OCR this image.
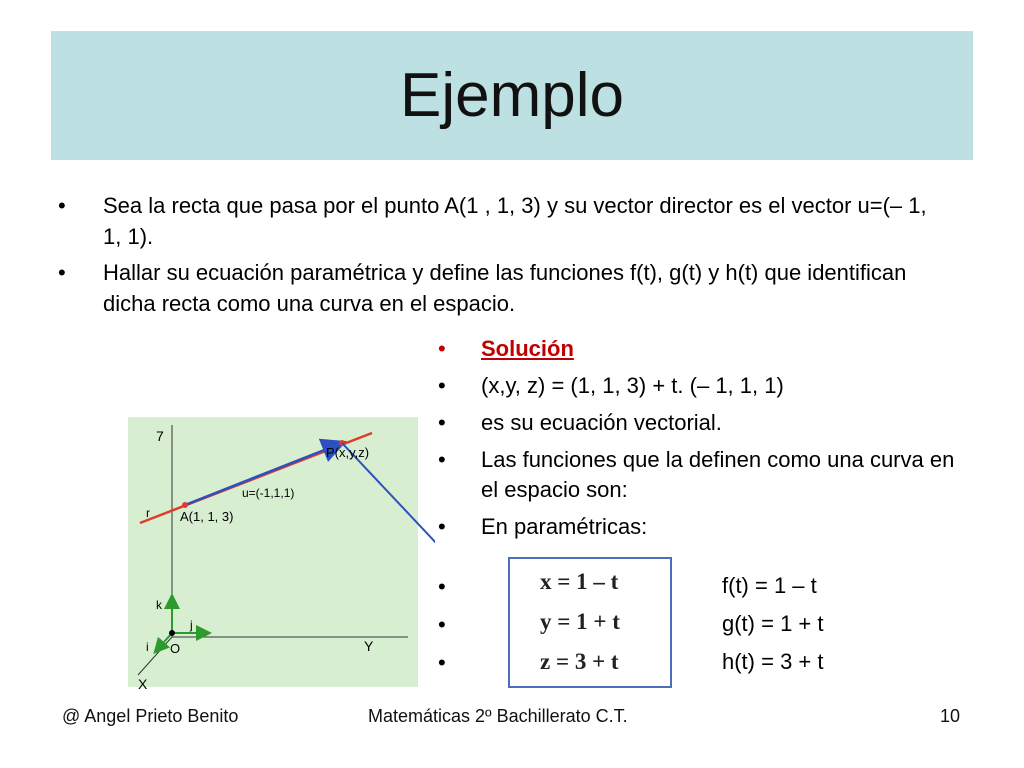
Ejemplo
• Sea la recta que pasa por el punto A(1 , 1, 3) y su vector director es el vector u=(– 1, 1, 1).
• Hallar su ecuación paramétrica y define las funciones f(t), g(t) y h(t) que identifican dicha recta como una curva en el espacio.
• Solución
• (x,y, z) = (1, 1, 3) + t. (– 1, 1, 1)
• es su ecuación vectorial.
• Las funciones que la definen como una curva en el espacio son:
• En paramétricas:
7
Y
X
O
A(1, 1, 3)
P(x,y,z)
u=(-1,1,1)
r
k
j
i
x = 1 – t
y = 1 + t
z = 3 + t
•
•
•
f(t) = 1 – t
g(t) = 1 + t
h(t) = 3 + t
@ Angel Prieto Benito	Matemáticas 2º Bachillerato C.T.	10
